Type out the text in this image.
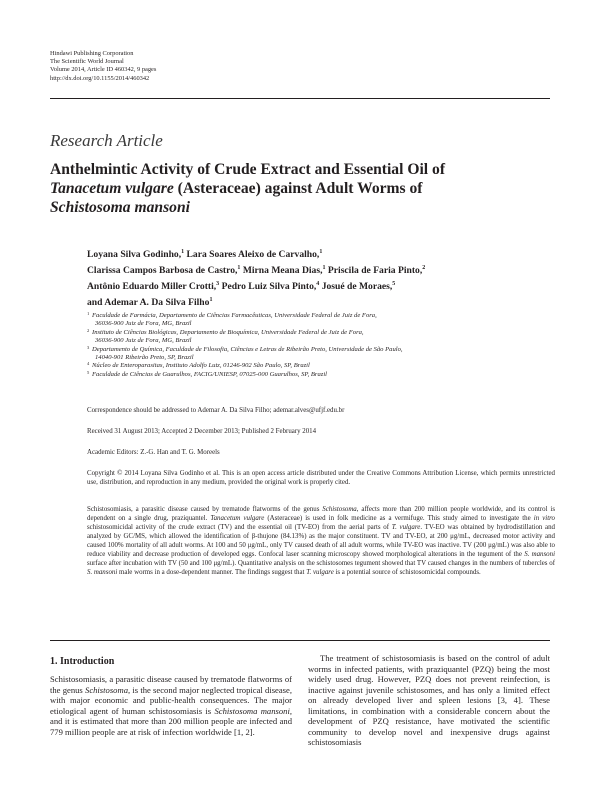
Hindawi Publishing Corporation
The Scientific World Journal
Volume 2014, Article ID 460342, 9 pages
http://dx.doi.org/10.1155/2014/460342
Research Article
Anthelmintic Activity of Crude Extract and Essential Oil of
Tanacetum vulgare (Asteraceae) against Adult Worms of
Schistosoma mansoni
Loyana Silva Godinho,$^1$ Lara Soares Aleixo de Carvalho,$^1$
Clarissa Campos Barbosa de Castro,$^1$ Mirna Meana Dias,$^1$ Priscila de Faria Pinto,$^2$
Antônio Eduardo Miller Crotti,$^3$ Pedro Luiz Silva Pinto,$^4$ Josué de Moraes,$^5$
and Ademar A. Da Silva Filho$^1$
1 Faculdade de Farmácia, Departamento de Ciências Farmacêuticas, Universidade Federal de Juiz de Fora,
36036-900 Juiz de Fora, MG, Brazil
2 Instituto de Ciências Biológicas, Departamento de Bioquímica, Universidade Federal de Juiz de Fora,
36036-900 Juiz de Fora, MG, Brazil
3 Departamento de Química, Faculdade de Filosofia, Ciências e Letras de Ribeirão Preto, Universidade de São Paulo,
14040-901 Ribeirão Preto, SP, Brazil
4 Núcleo de Enteroparasitas, Instituto Adolfo Lutz, 01246-902 São Paulo, SP, Brazil
5 Faculdade de Ciências de Guarulhos, FACIG/UNIESP, 07025-000 Guarulhos, SP, Brazil
Correspondence should be addressed to Ademar A. Da Silva Filho; ademar.alves@ufjf.edu.br
Received 31 August 2013; Accepted 2 December 2013; Published 2 February 2014
Academic Editors: Z.-G. Han and T. G. Moreels
Copyright © 2014 Loyana Silva Godinho et al. This is an open access article distributed under the Creative Commons Attribution License, which permits unrestricted use, distribution, and reproduction in any medium, provided the original work is properly cited.
Schistosomiasis, a parasitic disease caused by trematode flatworms of the genus Schistosoma, affects more than 200 million people worldwide, and its control is dependent on a single drug, praziquantel. Tanacetum vulgare (Asteraceae) is used in folk medicine as a vermifuge. This study aimed to investigate the in vitro schistosomicidal activity of the crude extract (TV) and the essential oil (TV-EO) from the aerial parts of T. vulgare. TV-EO was obtained by hydrodistillation and analyzed by GC/MS, which allowed the identification of β-thujone (84.13%) as the major constituent. TV and TV-EO, at 200 μg/mL, decreased motor activity and caused 100% mortality of all adult worms. At 100 and 50 μg/mL, only TV caused death of all adult worms, while TV-EO was inactive. TV (200 μg/mL) was also able to reduce viability and decrease production of developed eggs. Confocal laser scanning microscopy showed morphological alterations in the tegument of the S. mansoni surface after incubation with TV (50 and 100 μg/mL). Quantitative analysis on the schistosomes tegument showed that TV caused changes in the numbers of tubercles of S. mansoni male worms in a dose-dependent manner. The findings suggest that T. vulgare is a potential source of schistosomicidal compounds.
1. Introduction
Schistosomiasis, a parasitic disease caused by trematode flatworms of the genus Schistosoma, is the second major neglected tropical disease, with major economic and public-health consequences. The major etiological agent of human schistosomiasis is Schistosoma mansoni, and it is estimated that more than 200 million people are infected and 779 million people are at risk of infection worldwide [1, 2].
The treatment of schistosomiasis is based on the control of adult worms in infected patients, with praziquantel (PZQ) being the most widely used drug. However, PZQ does not prevent reinfection, is inactive against juvenile schistosomes, and has only a limited effect on already developed liver and spleen lesions [3, 4]. These limitations, in combination with a considerable concern about the development of PZQ resistance, have motivated the scientific community to develop novel and inexpensive drugs against schistosomiasis
